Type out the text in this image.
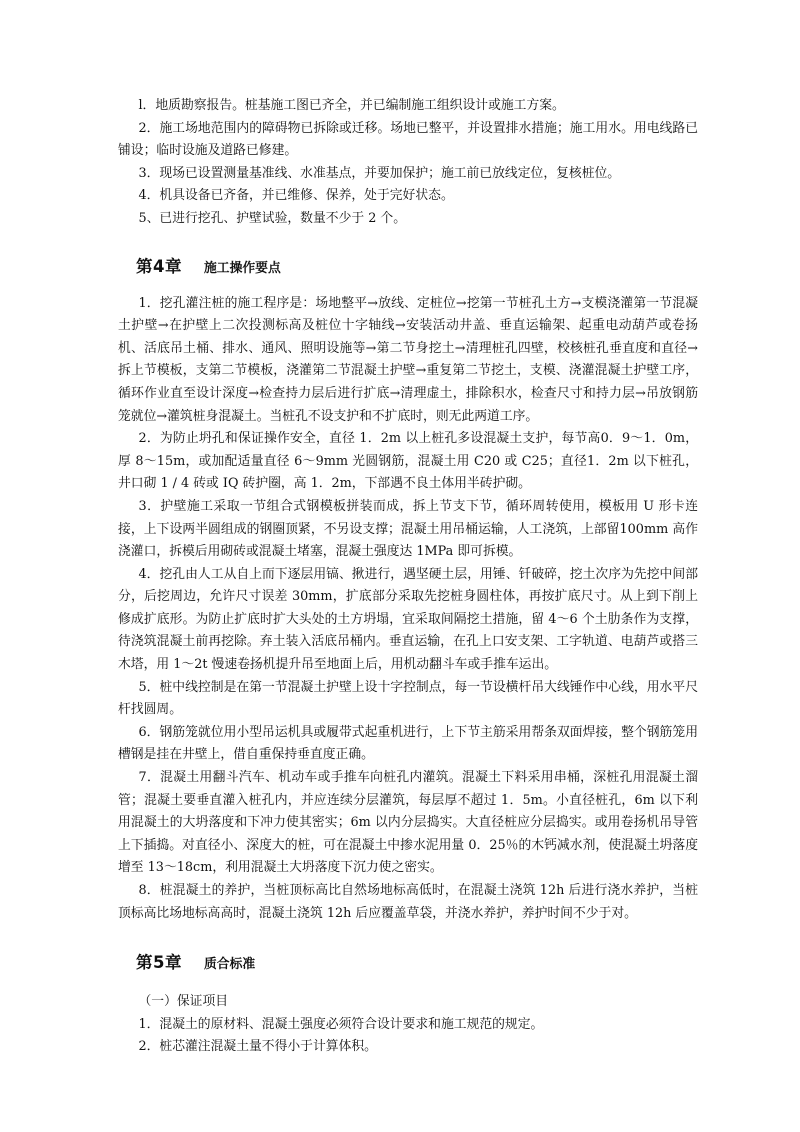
l．地质勘察报告。桩基施工图已齐全，并已编制施工组织设计或施工方案。

2．施工场地范围内的障碍物已拆除或迁移。场地已整平，并设置排水措施；施工用水。用电线路已铺设；临时设施及道路已修建。

3．现场已设置测量基准线、水准基点，并要加保护；施工前已放线定位，复核桩位。

4．机具设备已齐备，并已维修、保养，处于完好状态。

5、已进行挖孔、护壁试验，数量不少于 2 个。

第4章 施工操作要点

1．挖孔灌注桩的施工程序是：场地整平→放线、定桩位→挖第一节桩孔土方→支模浇灌第一节混凝土护壁→在护壁上二次投测标高及桩位十字轴线→安装活动井盖、垂直运输架、起重电动葫芦或卷扬机、活底吊土桶、排水、通风、照明设施等→第二节身挖土→清理桩孔四壁，校核桩孔垂直度和直径→拆上节模板，支第二节模板，浇灌第二节混凝土护壁→重复第二节挖土，支模、浇灌混凝土护壁工序，循环作业直至设计深度→检查持力层后进行扩底→清理虚土，排除积水，检查尺寸和持力层→吊放钢筋笼就位→灌筑桩身混凝土。当桩孔不设支护和不扩底时，则无此两道工序。

2．为防止坍孔和保证操作安全，直径 1．2m 以上桩孔多设混凝土支护，每节高0．9～1．0m，厚 8～15m，或加配适量直径 6～9mm 光圆钢筋，混凝土用 C20 或 C25；直径1．2m 以下桩孔，井口砌 1 / 4 砖或 IQ 砖护圈，高 1．2m，下部遇不良土体用半砖护砌。

3．护壁施工采取一节组合式钢模板拼装而成，拆上节支下节，循环周转使用，模板用 U 形卡连接，上下设两半圆组成的钢圈顶紧，不另设支撑；混凝土用吊桶运输，人工浇筑，上部留100mm 高作浇灌口，拆模后用砌砖或混凝土堵塞，混凝土强度达 1MPa 即可拆模。

4．挖孔由人工从自上而下逐层用镐、揪进行，遇坚硬土层，用锤、钎破碎，挖土次序为先挖中间部分，后挖周边，允许尺寸误差 30mm，扩底部分采取先挖桩身圆柱体，再按扩底尺寸。从上到下削上修成扩底形。为防止扩底时扩大头处的土方坍塌，宜采取间隔挖土措施，留 4～6 个土肋条作为支撑，待浇筑混凝土前再挖除。弃土装入活底吊桶内。垂直运输，在孔上口安支架、工字轨道、电葫芦或搭三木塔，用 1～2t 慢速卷扬机提升吊至地面上后，用机动翻斗车或手推车运出。

5．桩中线控制是在第一节混凝土护壁上设十字控制点，每一节设横杆吊大线锤作中心线，用水平尺杆找圆周。

6．钢筋笼就位用小型吊运机具或履带式起重机进行，上下节主筋采用帮条双面焊接，整个钢筋笼用槽钢是挂在井壁上，借自重保持垂直度正确。

7．混凝土用翻斗汽车、机动车或手推车向桩孔内灌筑。混凝土下料采用串桶，深桩孔用混凝土溜管；混凝土要垂直灌入桩孔内，并应连续分层灌筑，每层厚不超过 1．5m。小直径桩孔，6m 以下利用混凝土的大坍落度和下冲力使其密实；6m 以内分层捣实。大直径桩应分层捣实。或用卷扬机吊导管上下插捣。对直径小、深度大的桩，可在混凝土中掺水泥用量 0．25％的木钙减水剂，使混凝土坍落度增至 13～18cm，利用混凝土大坍落度下沉力使之密实。

8．桩混凝土的养护，当桩顶标高比自然场地标高低时，在混凝土浇筑 12h 后进行浇水养护，当桩顶标高比场地标高高时，混凝土浇筑 12h 后应覆盖草袋，并浇水养护，养护时间不少于对。

第5章 质合标准

（一）保证项目

1．混凝土的原材料、混凝土强度必须符合设计要求和施工规范的规定。

2．桩芯灌注混凝土量不得小于计算体积。
